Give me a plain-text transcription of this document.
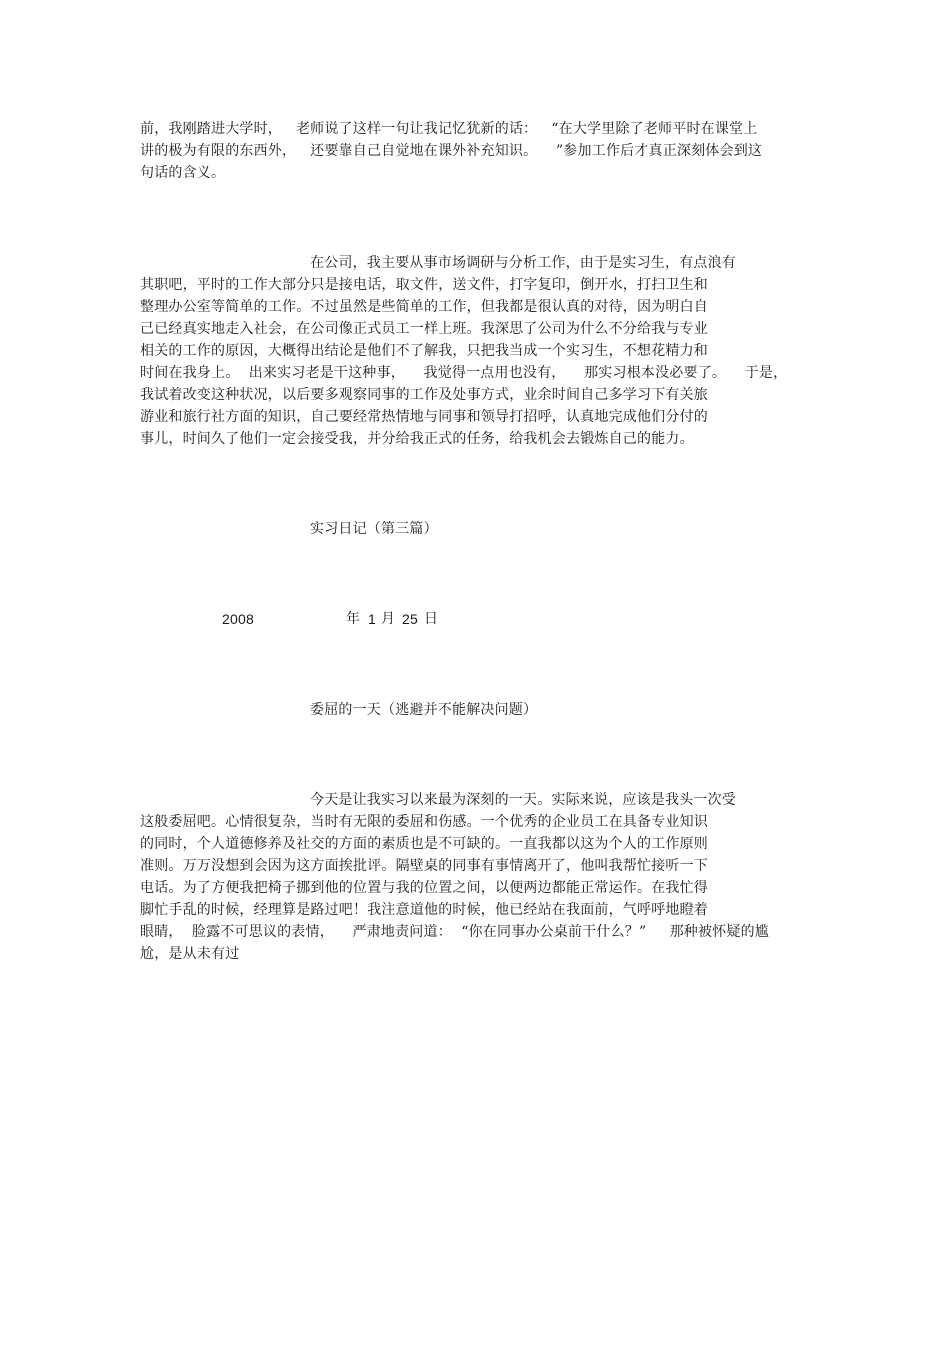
前，我刚踏进大学时，   老师说了这样一句让我记忆犹新的话：   “在大学里除了老师平时在课堂上
讲的极为有限的东西外，   还要靠自己自觉地在课外补充知识。    ”参加工作后才真正深刻体会到这
句话的含义。
在公司，我主要从事市场调研与分析工作，由于是实习生，有点浪有
其职吧，平时的工作大部分只是接电话，取文件，送文件，打字复印，倒开水，打扫卫生和
整理办公室等简单的工作。不过虽然是些简单的工作，但我都是很认真的对待，因为明白自
己已经真实地走入社会，在公司像正式员工一样上班。我深思了公司为什么不分给我与专业
相关的工作的原因，大概得出结论是他们不了解我，只把我当成一个实习生，不想花精力和
时间在我身上。  出来实习老是干这种事，    我觉得一点用也没有，    那实习根本没必要了。    于是，
我试着改变这种状况，以后要多观察同事的工作及处事方式，业余时间自己多学习下有关旅
游业和旅行社方面的知识，自己要经常热情地与同事和领导打招呼，认真地完成他们分付的
事儿，时间久了他们一定会接受我，并分给我正式的任务，给我机会去锻炼自己的能力。
实习日记（第三篇）
2008	年 1 月 25 日
委屈的一天（逃避并不能解决问题）
今天是让我实习以来最为深刻的一天。实际来说，应该是我头一次受
这般委屈吧。心情很复杂，当时有无限的委屈和伤感。一个优秀的企业员工在具备专业知识
的同时，个人道德修养及社交的方面的素质也是不可缺的。一直我都以这为个人的工作原则
准则。万万没想到会因为这方面挨批评。隔壁桌的同事有事情离开了，他叫我帮忙接听一下
电话。为了方便我把椅子挪到他的位置与我的位置之间，以便两边都能正常运作。在我忙得
脚忙手乱的时候，经理算是路过吧！我注意道他的时候，他已经站在我面前，气呼呼地瞪着
眼睛，  脸露不可思议的表情，    严肃地责问道：  “你在同事办公桌前干什么？”     那种被怀疑的尴
尬，是从未有过
